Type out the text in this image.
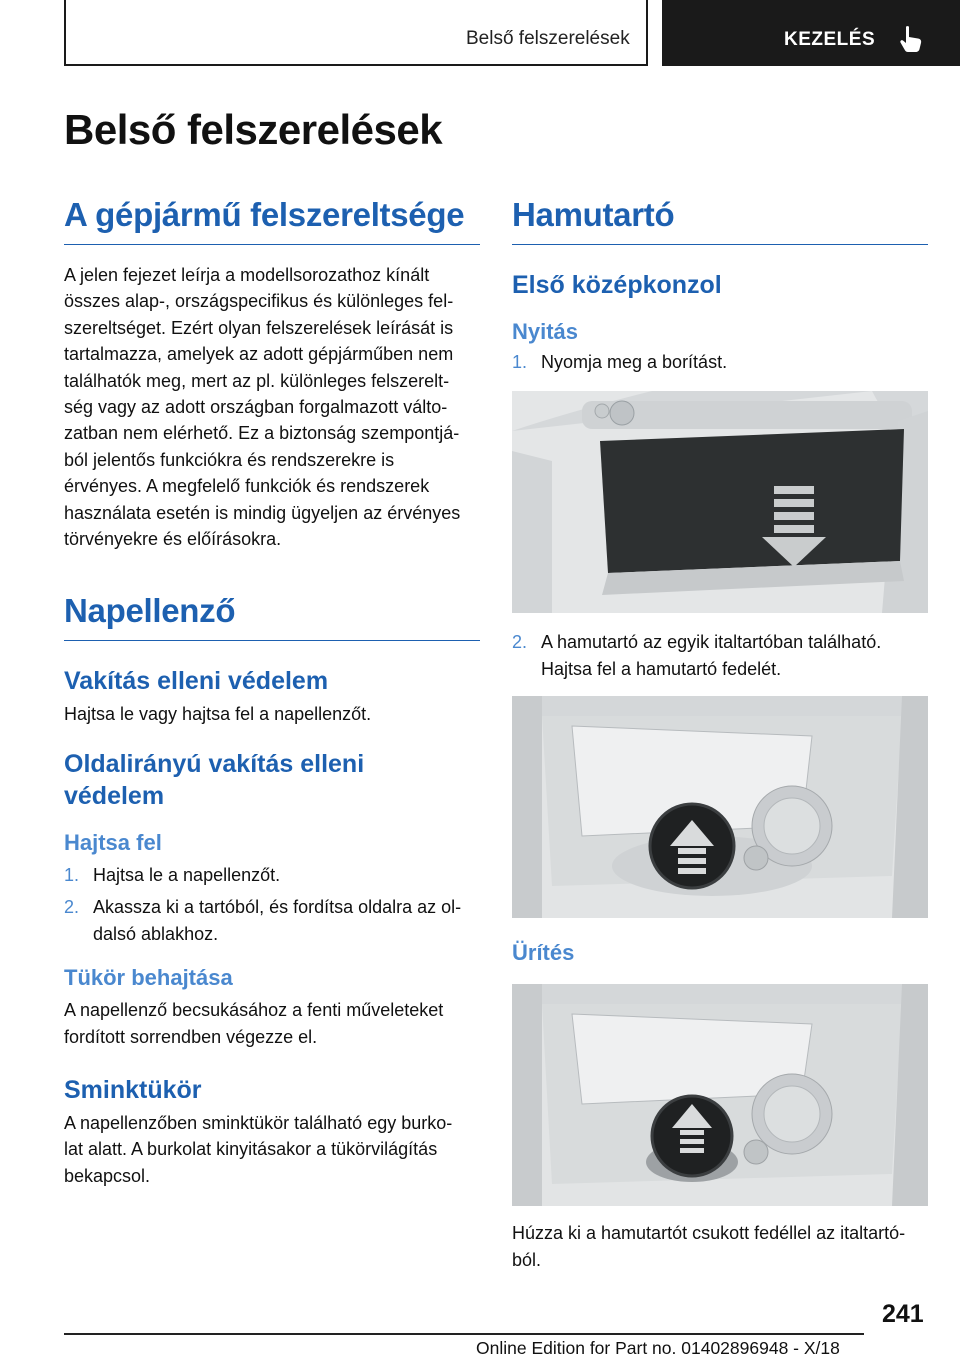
Belső felszerelések	KEZELÉS
Belső felszerelések
A gépjármű felszereltsége

A jelen fejezet leírja a modellsorozathoz kínált

összes alap-, országspecifikus és különleges fel-

szereltséget. Ezért olyan felszerelések leírását is

tartalmazza, amelyek az adott gépjárműben nem

találhatók meg, mert az pl. különleges felszerelt-

ség vagy az adott országban forgalmazott válto-

zatban nem elérhető. Ez a biztonság szempontjá-

ból jelentős funkciókra és rendszerekre is

érvényes. A megfelelő funkciók és rendszerek

használata esetén is mindig ügyeljen az érvényes

törvényekre és előírásokra.

Napellenző
Vakítás elleni védelem

Hajtsa le vagy hajtsa fel a napellenzőt.

Oldalirányú vakítás elleni
védelem
Hajtsa fel
1. Hajtsa le a napellenzőt.
2. Akassza ki a tartóból, és fordítsa oldalra az ol-
dalsó ablakhoz.
Tükör behajtása

A napellenző becsukásához a fenti műveleteket

fordított sorrendben végezze el.

Sminktükör

A napellenzőben sminktükör található egy burko-

lat alatt. A burkolat kinyitásakor a tükörvilágítás

bekapcsol.

Hamutartó
Első középkonzol
Nyitás
1. Nyomja meg a borítást.
2. A hamutartó az egyik italtartóban található.
Hajtsa fel a hamutartó fedelét.
Ürítés

Húzza ki a hamutartót csukott fedéllel az italtartó-

ból.

241
Online Edition for Part no. 01402896948 - X/18
